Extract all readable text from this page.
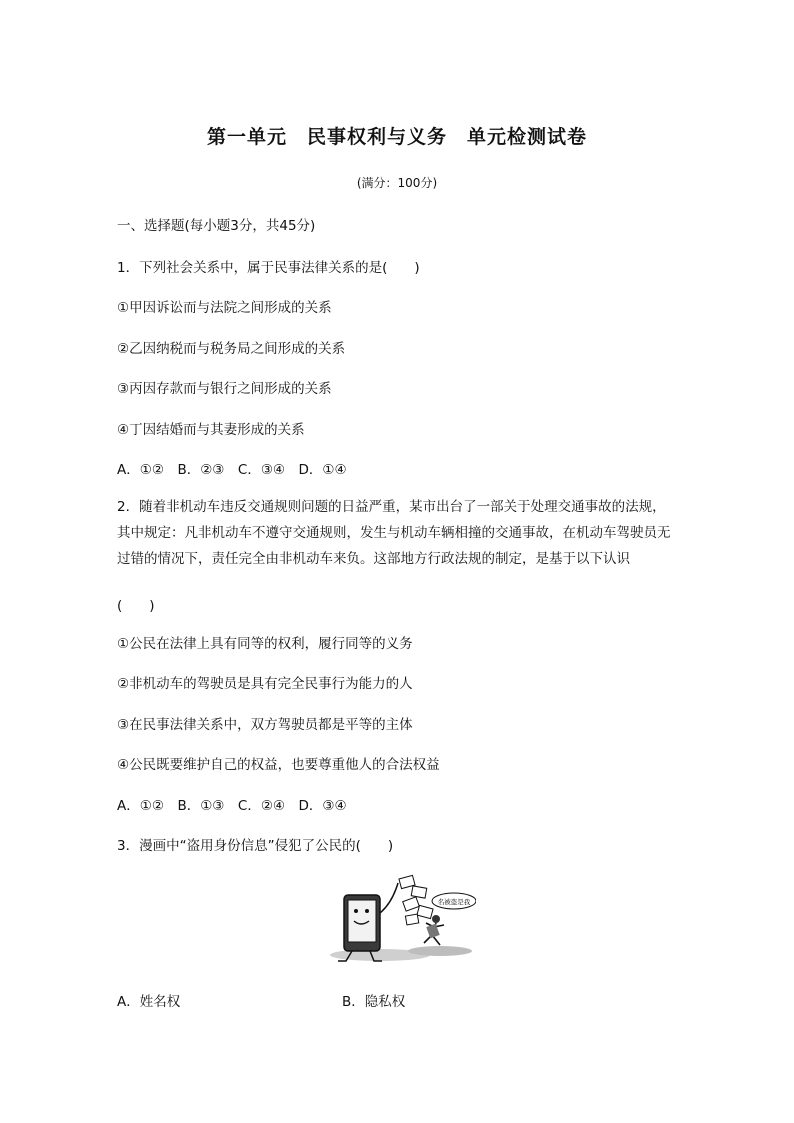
第一单元　民事权利与义务　单元检测试卷
(满分：100分)
一、选择题(每小题3分，共45分)
1．下列社会关系中，属于民事法律关系的是(　　)
①甲因诉讼而与法院之间形成的关系
②乙因纳税而与税务局之间形成的关系
③丙因存款而与银行之间形成的关系
④丁因结婚而与其妻形成的关系
A．①②　B．②③　C．③④　D．①④
2．随着非机动车违反交通规则问题的日益严重，某市出台了一部关于处理交通事故的法规，其中规定：凡非机动车不遵守交通规则，发生与机动车辆相撞的交通事故，在机动车驾驶员无过错的情况下，责任完全由非机动车来负。这部地方行政法规的制定，是基于以下认识
(　　)
①公民在法律上具有同等的权利，履行同等的义务
②非机动车的驾驶员是具有完全民事行为能力的人
③在民事法律关系中，双方驾驶员都是平等的主体
④公民既要维护自己的权益，也要尊重他人的合法权益
A．①②　B．①③　C．②④　D．③④
3．漫画中“盗用身份信息”侵犯了公民的(　　)
名被盗是我
A．姓名权	B．隐私权
